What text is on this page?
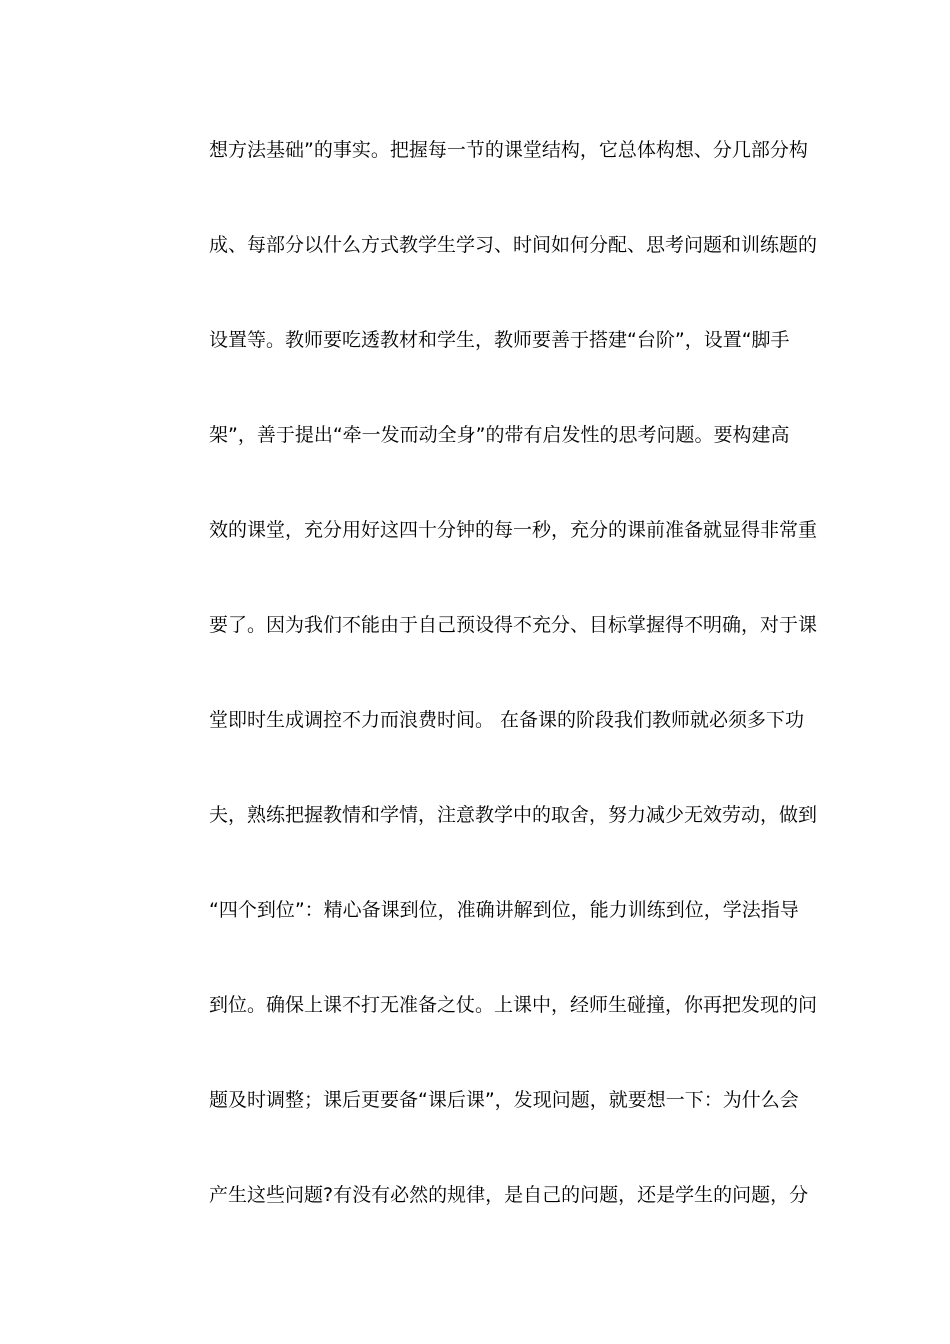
想方法基础”的事实。把握每一节的课堂结构，它总体构想、分几部分构
成、每部分以什么方式教学生学习、时间如何分配、思考问题和训练题的
设置等。教师要吃透教材和学生，教师要善于搭建“台阶”，设置“脚手
架”，善于提出“牵一发而动全身”的带有启发性的思考问题。要构建高
效的课堂，充分用好这四十分钟的每一秒，充分的课前准备就显得非常重
要了。因为我们不能由于自己预设得不充分、目标掌握得不明确，对于课
堂即时生成调控不力而浪费时间。 在备课的阶段我们教师就必须多下功
夫，熟练把握教情和学情，注意教学中的取舍，努力减少无效劳动，做到
“四个到位”：精心备课到位，准确讲解到位，能力训练到位，学法指导
到位。确保上课不打无准备之仗。上课中，经师生碰撞，你再把发现的问
题及时调整；课后更要备“课后课”，发现问题，就要想一下：为什么会
产生这些问题?有没有必然的规律，是自己的问题，还是学生的问题，分
